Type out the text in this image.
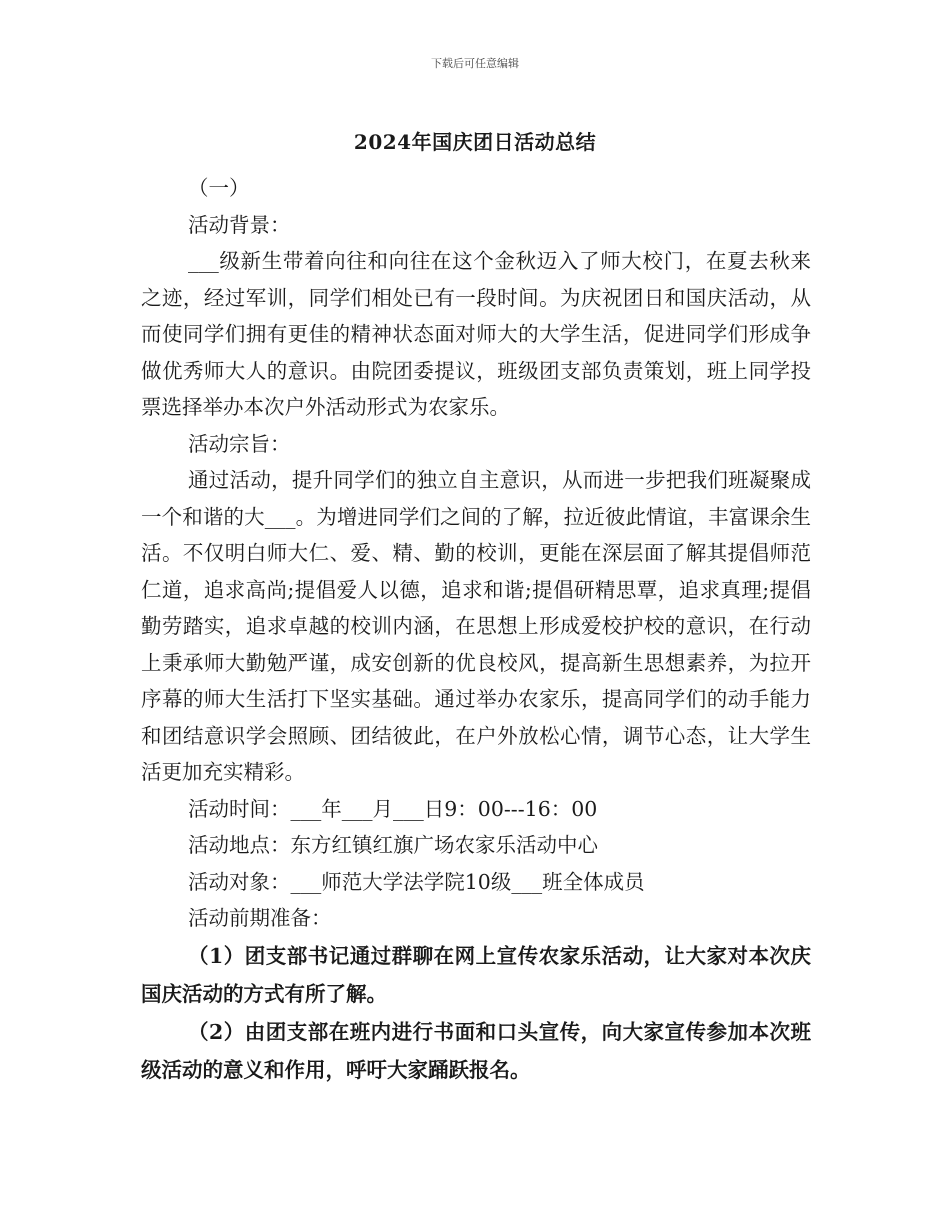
下载后可任意编辑
2024年国庆团日活动总结

（一）

活动背景：

___级新生带着向往和向往在这个金秋迈入了师大校门，在夏去秋来之迹，经过军训，同学们相处已有一段时间。为庆祝团日和国庆活动，从而使同学们拥有更佳的精神状态面对师大的大学生活，促进同学们形成争做优秀师大人的意识。由院团委提议，班级团支部负责策划，班上同学投票选择举办本次户外活动形式为农家乐。

活动宗旨：

通过活动，提升同学们的独立自主意识，从而进一步把我们班凝聚成一个和谐的大___。为增进同学们之间的了解，拉近彼此情谊，丰富课余生活。不仅明白师大仁、爱、精、勤的校训，更能在深层面了解其提倡师范仁道，追求高尚;提倡爱人以德，追求和谐;提倡研精思覃，追求真理;提倡勤劳踏实，追求卓越的校训内涵，在思想上形成爱校护校的意识，在行动上秉承师大勤勉严谨，成安创新的优良校风，提高新生思想素养，为拉开序幕的师大生活打下坚实基础。通过举办农家乐，提高同学们的动手能力和团结意识学会照顾、团结彼此，在户外放松心情，调节心态，让大学生活更加充实精彩。

活动时间：___年___月___日9：00---16：00

活动地点：东方红镇红旗广场农家乐活动中心

活动对象：___师范大学法学院10级___班全体成员

活动前期准备：

（1）团支部书记通过群聊在网上宣传农家乐活动，让大家对本次庆国庆活动的方式有所了解。

（2）由团支部在班内进行书面和口头宣传，向大家宣传参加本次班级活动的意义和作用，呼吁大家踊跃报名。
